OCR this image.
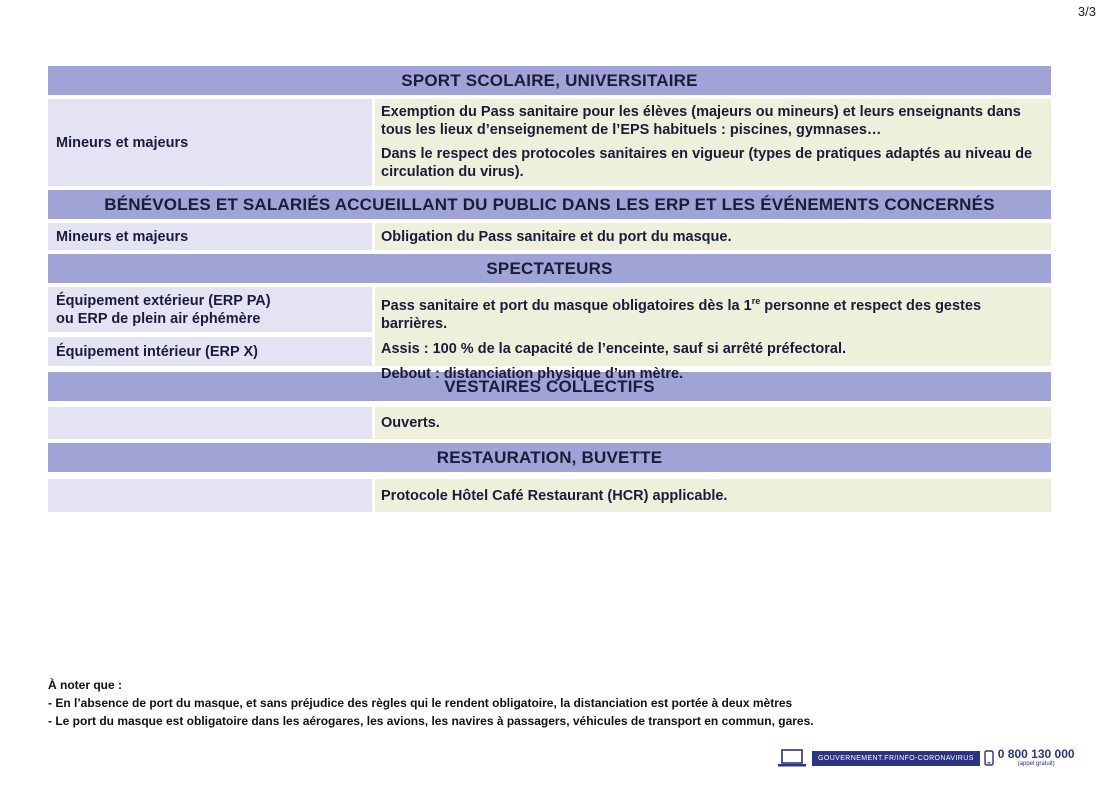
3/3
SPORT SCOLAIRE, UNIVERSITAIRE
Mineurs et majeurs

Exemption du Pass sanitaire pour les élèves (majeurs ou mineurs) et leurs enseignants dans tous les lieux d’enseignement de l’EPS habituels : piscines, gymnases…

Dans le respect des protocoles sanitaires en vigueur (types de pratiques adaptés au niveau de circulation du virus).

BÉNÉVOLES ET SALARIÉS ACCUEILLANT DU PUBLIC DANS LES ERP ET LES ÉVÉNEMENTS CONCERNÉS
Mineurs et majeurs	Obligation du Pass sanitaire et du port du masque.
SPECTATEURS
Équipement extérieur (ERP PA)
ou ERP de plein air éphémère
Équipement intérieur (ERP X)

Pass sanitaire et port du masque obligatoires dès la 1re personne et respect des gestes barrières.

Assis : 100 % de la capacité de l’enceinte, sauf si arrêté préfectoral.

Debout : distanciation physique d’un mètre.

VESTAIRES COLLECTIFS
Ouverts.
RESTAURATION, BUVETTE
Protocole Hôtel Café Restaurant (HCR) applicable.
À noter que :
- En l’absence de port du masque, et sans préjudice des règles qui le rendent obligatoire, la distanciation est portée à deux mètres
- Le port du masque est obligatoire dans les aérogares, les avions, les navires à passagers, véhicules de transport en commun, gares.
GOUVERNEMENT.FR/INFO-CORONAVIRUS	0 800 130 000
(appel gratuit)
